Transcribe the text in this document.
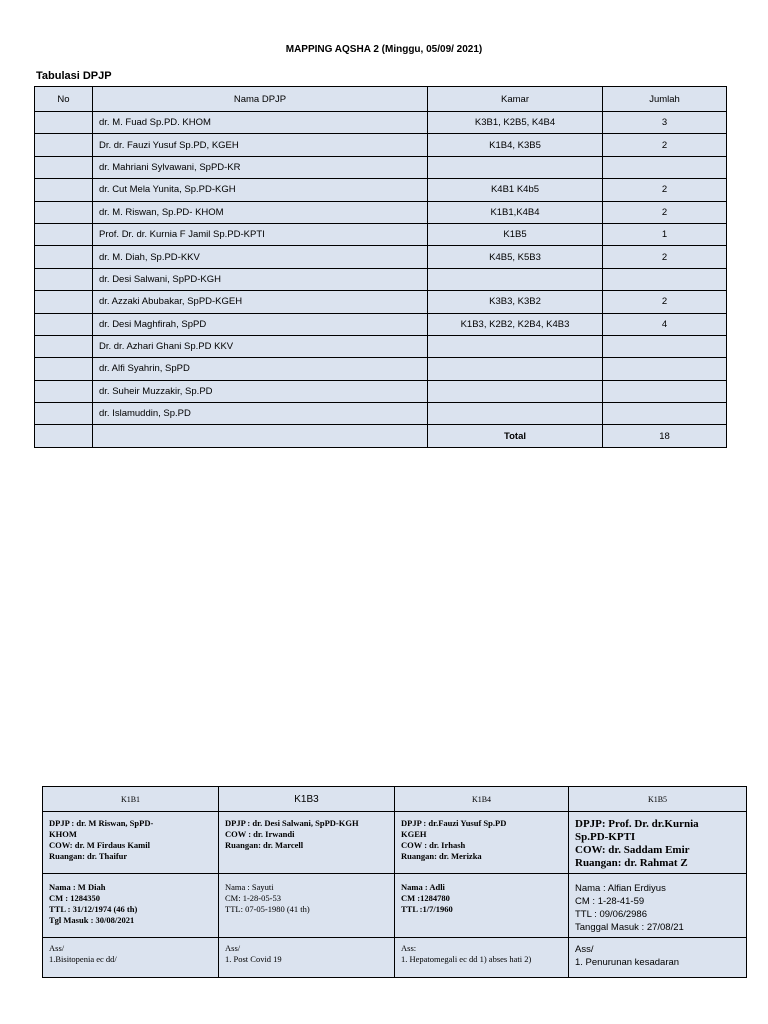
MAPPING AQSHA 2 (Minggu, 05/09/ 2021)
Tabulasi DPJP
No	Nama DPJP	Kamar	Jumlah
	dr. M. Fuad Sp.PD. KHOM	K3B1, K2B5, K4B4	3
	Dr. dr. Fauzi Yusuf Sp.PD, KGEH	K1B4, K3B5	2
	dr. Mahriani Sylvawani, SpPD-KR		
	dr. Cut Mela Yunita, Sp.PD-KGH	K4B1 K4b5	2
	dr. M. Riswan, Sp.PD- KHOM	K1B1,K4B4	2
	Prof. Dr. dr. Kurnia F Jamil Sp.PD-KPTI	K1B5	1
	dr. M. Diah, Sp.PD-KKV	K4B5, K5B3	2
	dr. Desi Salwani, SpPD-KGH		
	dr. Azzaki Abubakar, SpPD-KGEH	K3B3, K3B2	2
	dr. Desi Maghfirah, SpPD	K1B3, K2B2, K2B4, K4B3	4
	Dr. dr. Azhari Ghani Sp.PD KKV		
	dr. Alfi Syahrin, SpPD		
	dr. Suheir Muzzakir, Sp.PD		
	dr. Islamuddin, Sp.PD		
		Total	18
K1B1	K1B3	K1B4	K1B5

DPJP : dr. M Riswan, SpPD-
KHOM
COW: dr. M Firdaus Kamil
Ruangan: dr. Thaifur	DPJP : dr. Desi Salwani, SpPD-KGH
COW : dr. Irwandi
Ruangan: dr. Marcell	DPJP : dr.Fauzi Yusuf Sp.PD
KGEH
COW : dr. Irhash
Ruangan: dr. Merizka	DPJP: Prof. Dr. dr.Kurnia
Sp.PD-KPTI
COW: dr. Saddam Emir
Ruangan: dr. Rahmat Z

Nama : M Diah
CM : 1284350
TTL : 31/12/1974 (46 th)
Tgl Masuk : 30/08/2021	Nama : Sayuti
CM: 1-28-05-53
TTL: 07-05-1980 (41 th)	Nama : Adli
CM :1284780
TTL :1/7/1960	Nama : Alfian Erdiyus
CM : 1-28-41-59
TTL : 09/06/2986
Tanggal Masuk : 27/08/21

Ass/
1.Bisitopenia ec dd/	Ass/
1. Post Covid 19	Ass:
1. Hepatomegali ec dd 1) abses hati 2)	Ass/
1. Penurunan kesadaran
